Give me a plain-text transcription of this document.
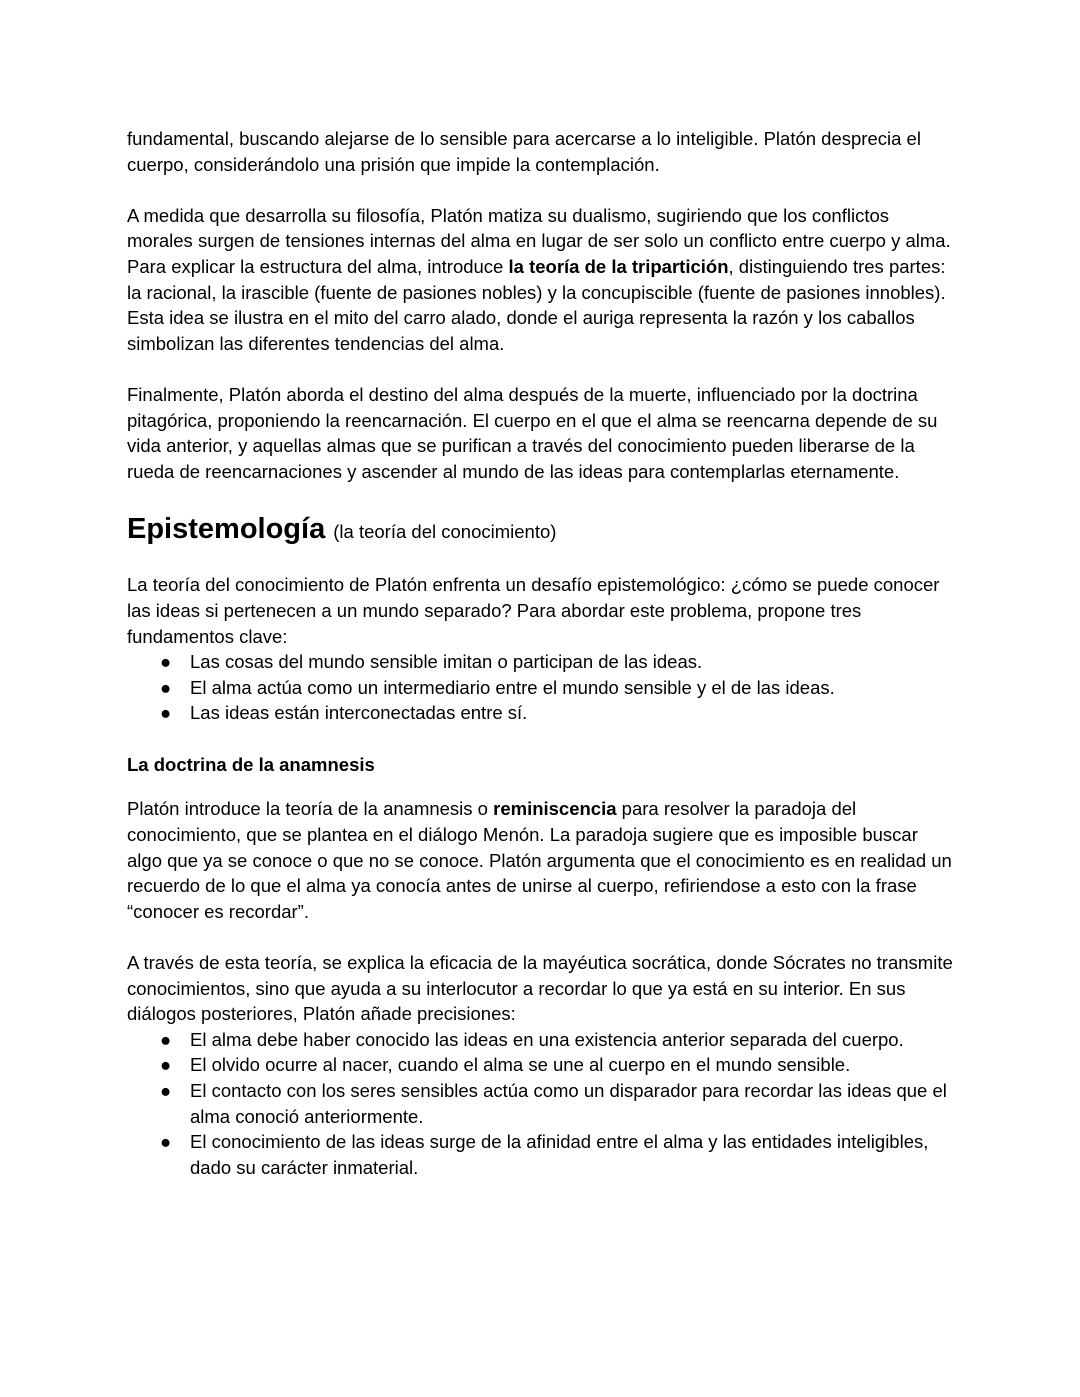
fundamental, buscando alejarse de lo sensible para acercarse a lo inteligible. Platón desprecia el cuerpo, considerándolo una prisión que impide la contemplación.

A medida que desarrolla su filosofía, Platón matiza su dualismo, sugiriendo que los conflictos morales surgen de tensiones internas del alma en lugar de ser solo un conflicto entre cuerpo y alma. Para explicar la estructura del alma, introduce la teoría de la tripartición, distinguiendo tres partes: la racional, la irascible (fuente de pasiones nobles) y la concupiscible (fuente de pasiones innobles). Esta idea se ilustra en el mito del carro alado, donde el auriga representa la razón y los caballos simbolizan las diferentes tendencias del alma.

Finalmente, Platón aborda el destino del alma después de la muerte, influenciado por la doctrina pitagórica, proponiendo la reencarnación. El cuerpo en el que el alma se reencarna depende de su vida anterior, y aquellas almas que se purifican a través del conocimiento pueden liberarse de la rueda de reencarnaciones y ascender al mundo de las ideas para contemplarlas eternamente.

Epistemología (la teoría del conocimiento)

La teoría del conocimiento de Platón enfrenta un desafío epistemológico: ¿cómo se puede conocer las ideas si pertenecen a un mundo separado? Para abordar este problema, propone tres fundamentos clave:

● Las cosas del mundo sensible imitan o participan de las ideas.
● El alma actúa como un intermediario entre el mundo sensible y el de las ideas.
● Las ideas están interconectadas entre sí.
La doctrina de la anamnesis

Platón introduce la teoría de la anamnesis o reminiscencia para resolver la paradoja del conocimiento, que se plantea en el diálogo Menón. La paradoja sugiere que es imposible buscar algo que ya se conoce o que no se conoce. Platón argumenta que el conocimiento es en realidad un recuerdo de lo que el alma ya conocía antes de unirse al cuerpo, refiriendose a esto con la frase “conocer es recordar”.

A través de esta teoría, se explica la eficacia de la mayéutica socrática, donde Sócrates no transmite conocimientos, sino que ayuda a su interlocutor a recordar lo que ya está en su interior. En sus diálogos posteriores, Platón añade precisiones:

● El alma debe haber conocido las ideas en una existencia anterior separada del cuerpo.
● El olvido ocurre al nacer, cuando el alma se une al cuerpo en el mundo sensible.
● El contacto con los seres sensibles actúa como un disparador para recordar las ideas que el alma conoció anteriormente.
● El conocimiento de las ideas surge de la afinidad entre el alma y las entidades inteligibles, dado su carácter inmaterial.
